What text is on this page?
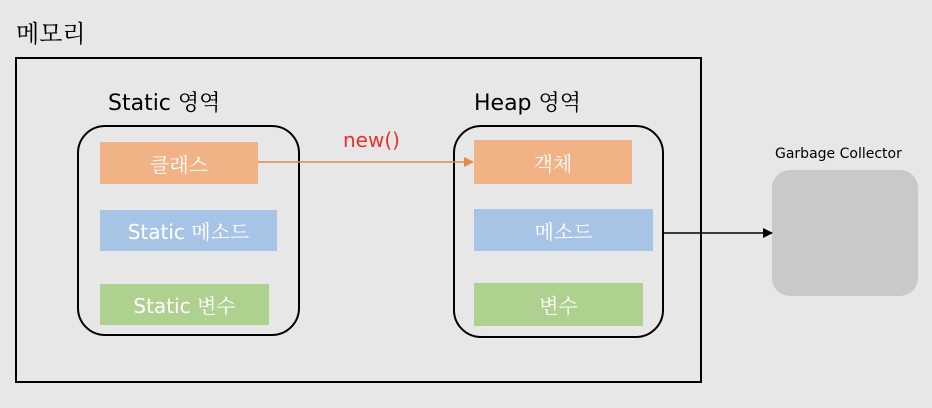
메모리
Static 영역
클래스
Static 메소드
Static 변수
Heap 영역
객체
메소드
변수
new()
Garbage Collector
